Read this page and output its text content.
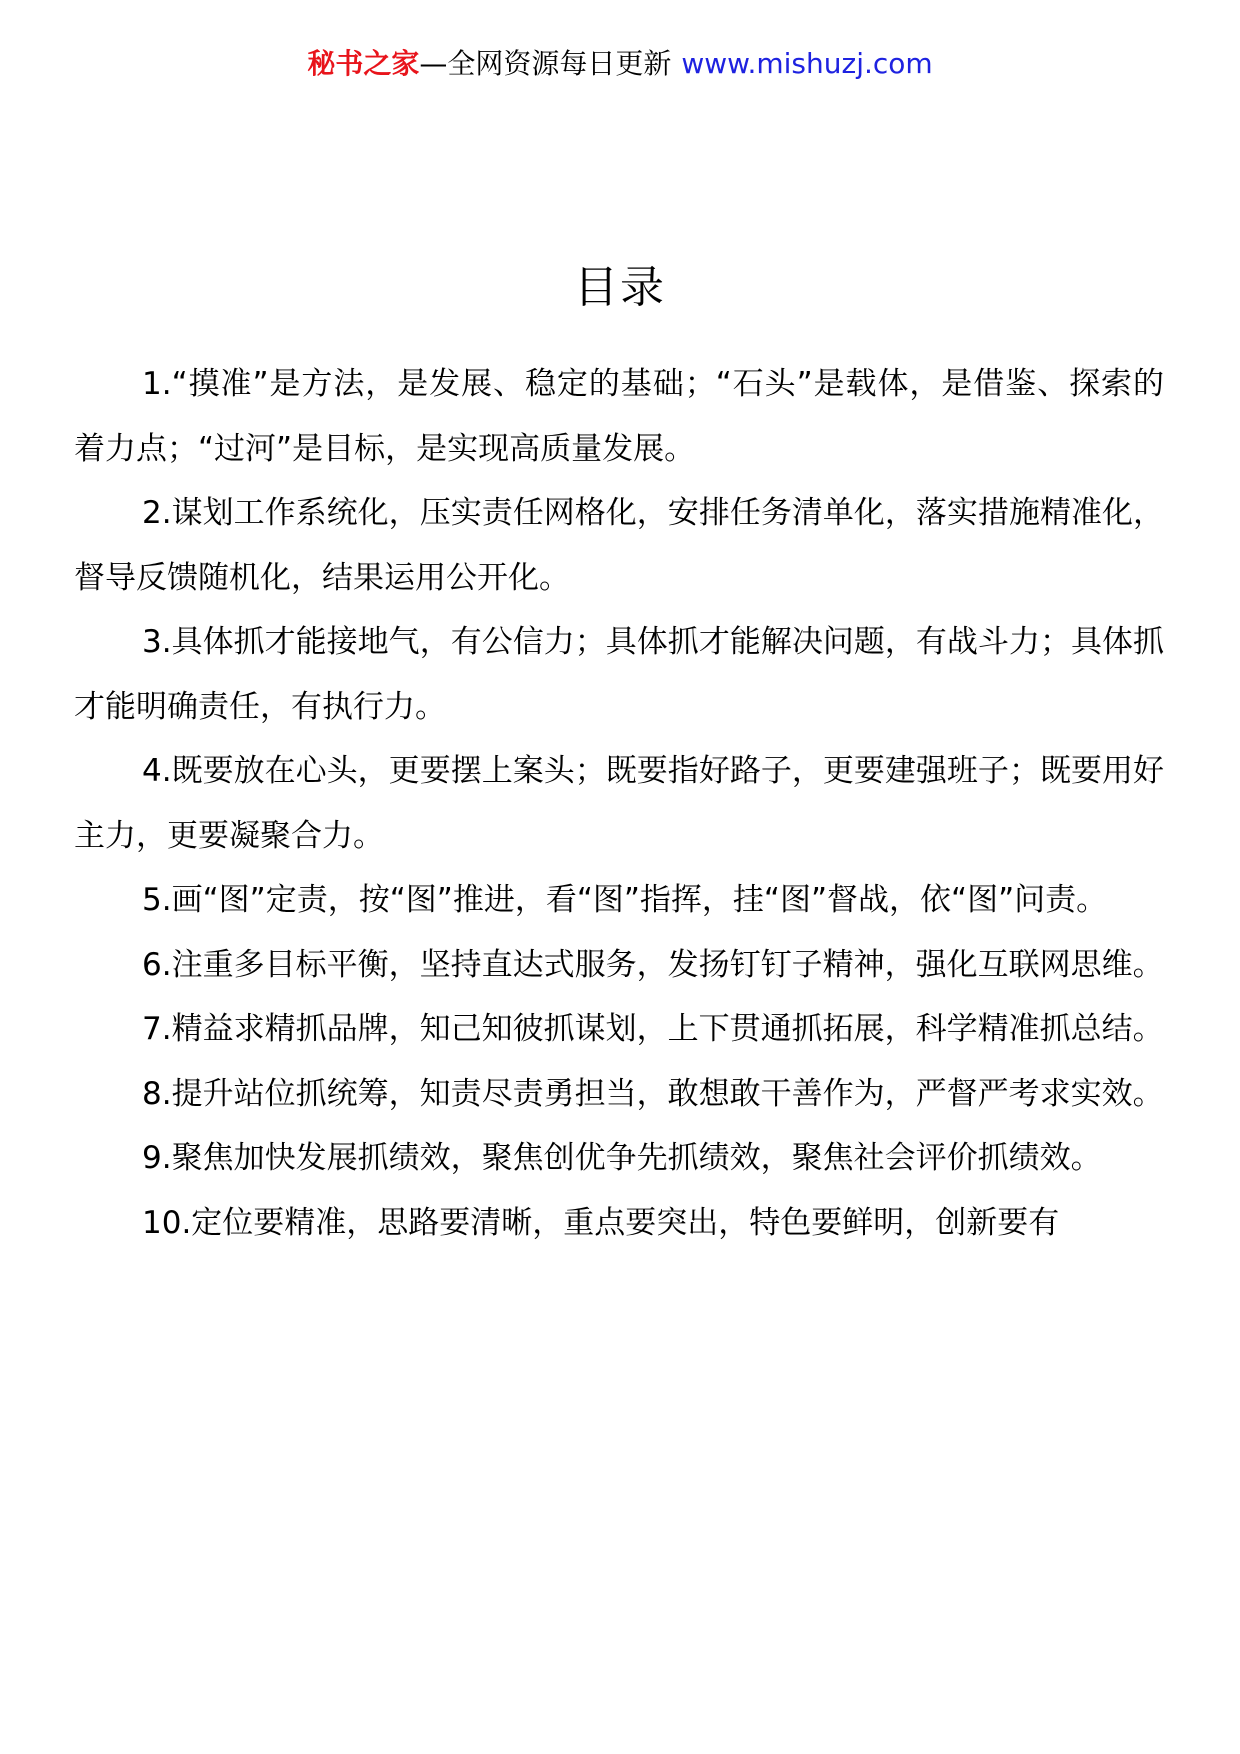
秘书之家—全网资源每日更新 www.mishuzj.com
目录
1.“摸准”是方法，是发展、稳定的基础；“石头”是载体，是借鉴、探索的着力点；“过河”是目标，是实现高质量发展。
2.谋划工作系统化，压实责任网格化，安排任务清单化，落实措施精准化，督导反馈随机化，结果运用公开化。
3.具体抓才能接地气，有公信力；具体抓才能解决问题，有战斗力；具体抓才能明确责任，有执行力。
4.既要放在心头，更要摆上案头；既要指好路子，更要建强班子；既要用好主力，更要凝聚合力。
5.画“图”定责，按“图”推进，看“图”指挥，挂“图”督战，依“图”问责。
6.注重多目标平衡，坚持直达式服务，发扬钉钉子精神，强化互联网思维。
7.精益求精抓品牌，知己知彼抓谋划，上下贯通抓拓展，科学精准抓总结。
8.提升站位抓统筹，知责尽责勇担当，敢想敢干善作为，严督严考求实效。
9.聚焦加快发展抓绩效，聚焦创优争先抓绩效，聚焦社会评价抓绩效。
10.定位要精准，思路要清晰，重点要突出，特色要鲜明，创新要有
